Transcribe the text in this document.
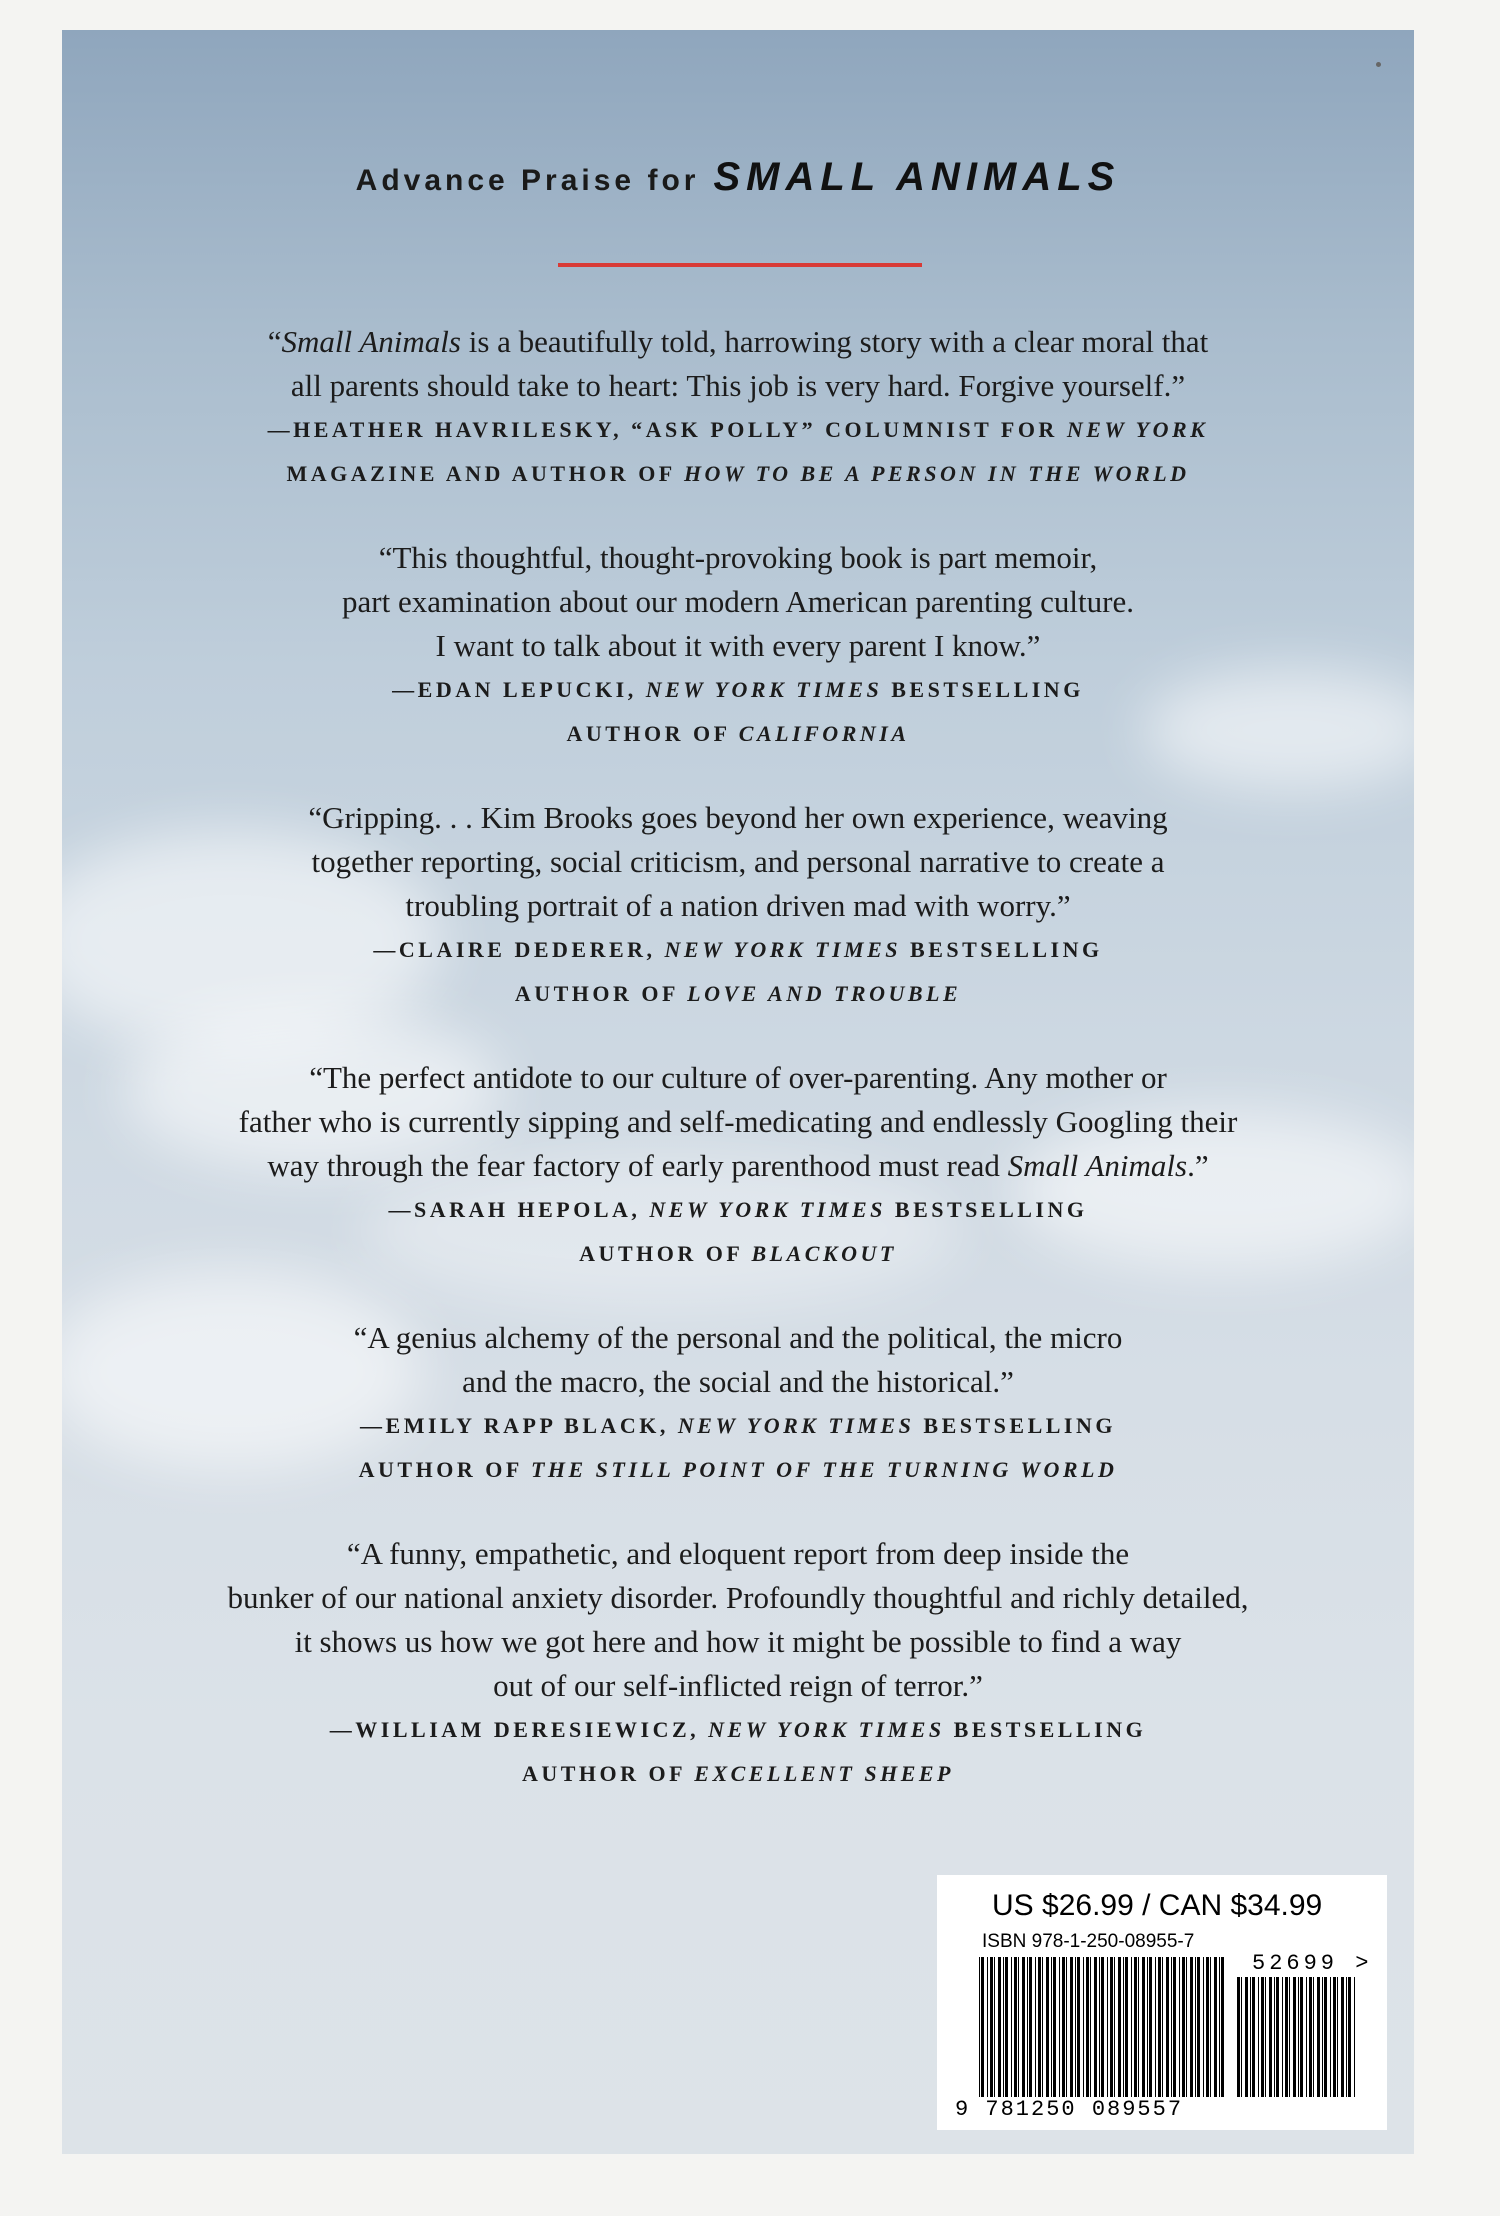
Advance Praise for SMALL ANIMALS
“Small Animals is a beautifully told, harrowing story with a clear moral that
all parents should take to heart: This job is very hard. Forgive yourself.”
—HEATHER HAVRILESKY, “ASK POLLY” COLUMNIST FOR NEW YORK
MAGAZINE AND AUTHOR OF HOW TO BE A PERSON IN THE WORLD
“This thoughtful, thought-provoking book is part memoir,
part examination about our modern American parenting culture.
I want to talk about it with every parent I know.”
—EDAN LEPUCKI, NEW YORK TIMES BESTSELLING
AUTHOR OF CALIFORNIA
“Gripping. . . Kim Brooks goes beyond her own experience, weaving
together reporting, social criticism, and personal narrative to create a
troubling portrait of a nation driven mad with worry.”
—CLAIRE DEDERER, NEW YORK TIMES BESTSELLING
AUTHOR OF LOVE AND TROUBLE
“The perfect antidote to our culture of over-parenting. Any mother or
father who is currently sipping and self-medicating and endlessly Googling their
way through the fear factory of early parenthood must read Small Animals.”
—SARAH HEPOLA, NEW YORK TIMES BESTSELLING
AUTHOR OF BLACKOUT
“A genius alchemy of the personal and the political, the micro
and the macro, the social and the historical.”
—EMILY RAPP BLACK, NEW YORK TIMES BESTSELLING
AUTHOR OF THE STILL POINT OF THE TURNING WORLD
“A funny, empathetic, and eloquent report from deep inside the
bunker of our national anxiety disorder. Profoundly thoughtful and richly detailed,
it shows us how we got here and how it might be possible to find a way
out of our self-inflicted reign of terror.”
—WILLIAM DERESIEWICZ, NEW YORK TIMES BESTSELLING
AUTHOR OF EXCELLENT SHEEP
US $26.99 / CAN $34.99
ISBN 978-1-250-08955-7
52699 >
9 781250 089557
